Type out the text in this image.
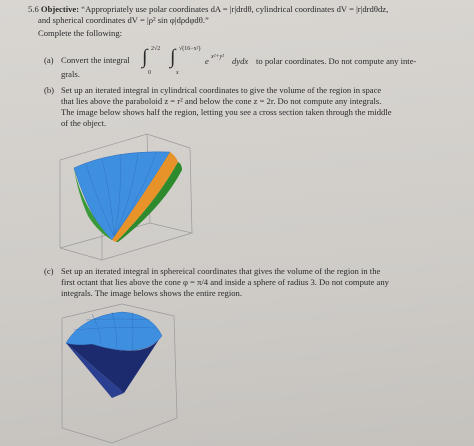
5.6 Objective: “Appropriately use polar coordinates dA = |r|drdθ, cylindrical coordinates dV = |r|drdθdz,
and spherical coordinates dV = |ρ² sin φ|dρdφdθ.”
Complete the following:
(a) Convert the integral ∫ 2√2
0
∫ √(16−x²)
x
e x²+y² dydx to polar coordinates. Do not compute any inte-
grals.
(b) Set up an iterated integral in cylindrical coordinates to give the volume of the region in space
that lies above the paraboloid z = r² and below the cone z = 2r. Do not compute any integrals.
The image below shows half the region, letting you see a cross section taken through the middle
of the object.
(c) Set up an iterated integral in sphereical coordinates that gives the volume of the region in the
first octant that lies above the cone φ = π/4 and inside a sphere of radius 3. Do not compute any
integrals. The image belows shows the entire region.
